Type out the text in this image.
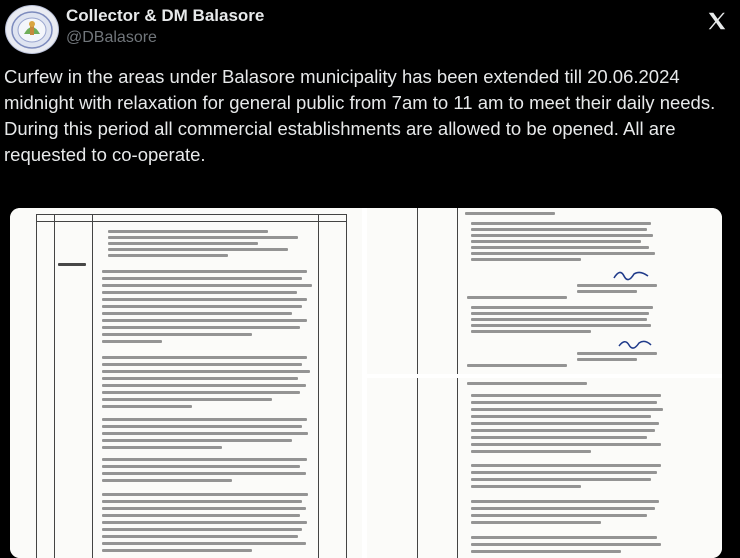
Collector & DM Balasore
@DBalasore
Curfew in the areas under Balasore municipality has been extended till 20.06.2024 midnight with relaxation for general public from 7am to 11 am to meet their daily needs. During this period all commercial establishments are allowed to be opened. All are requested to co-operate.
